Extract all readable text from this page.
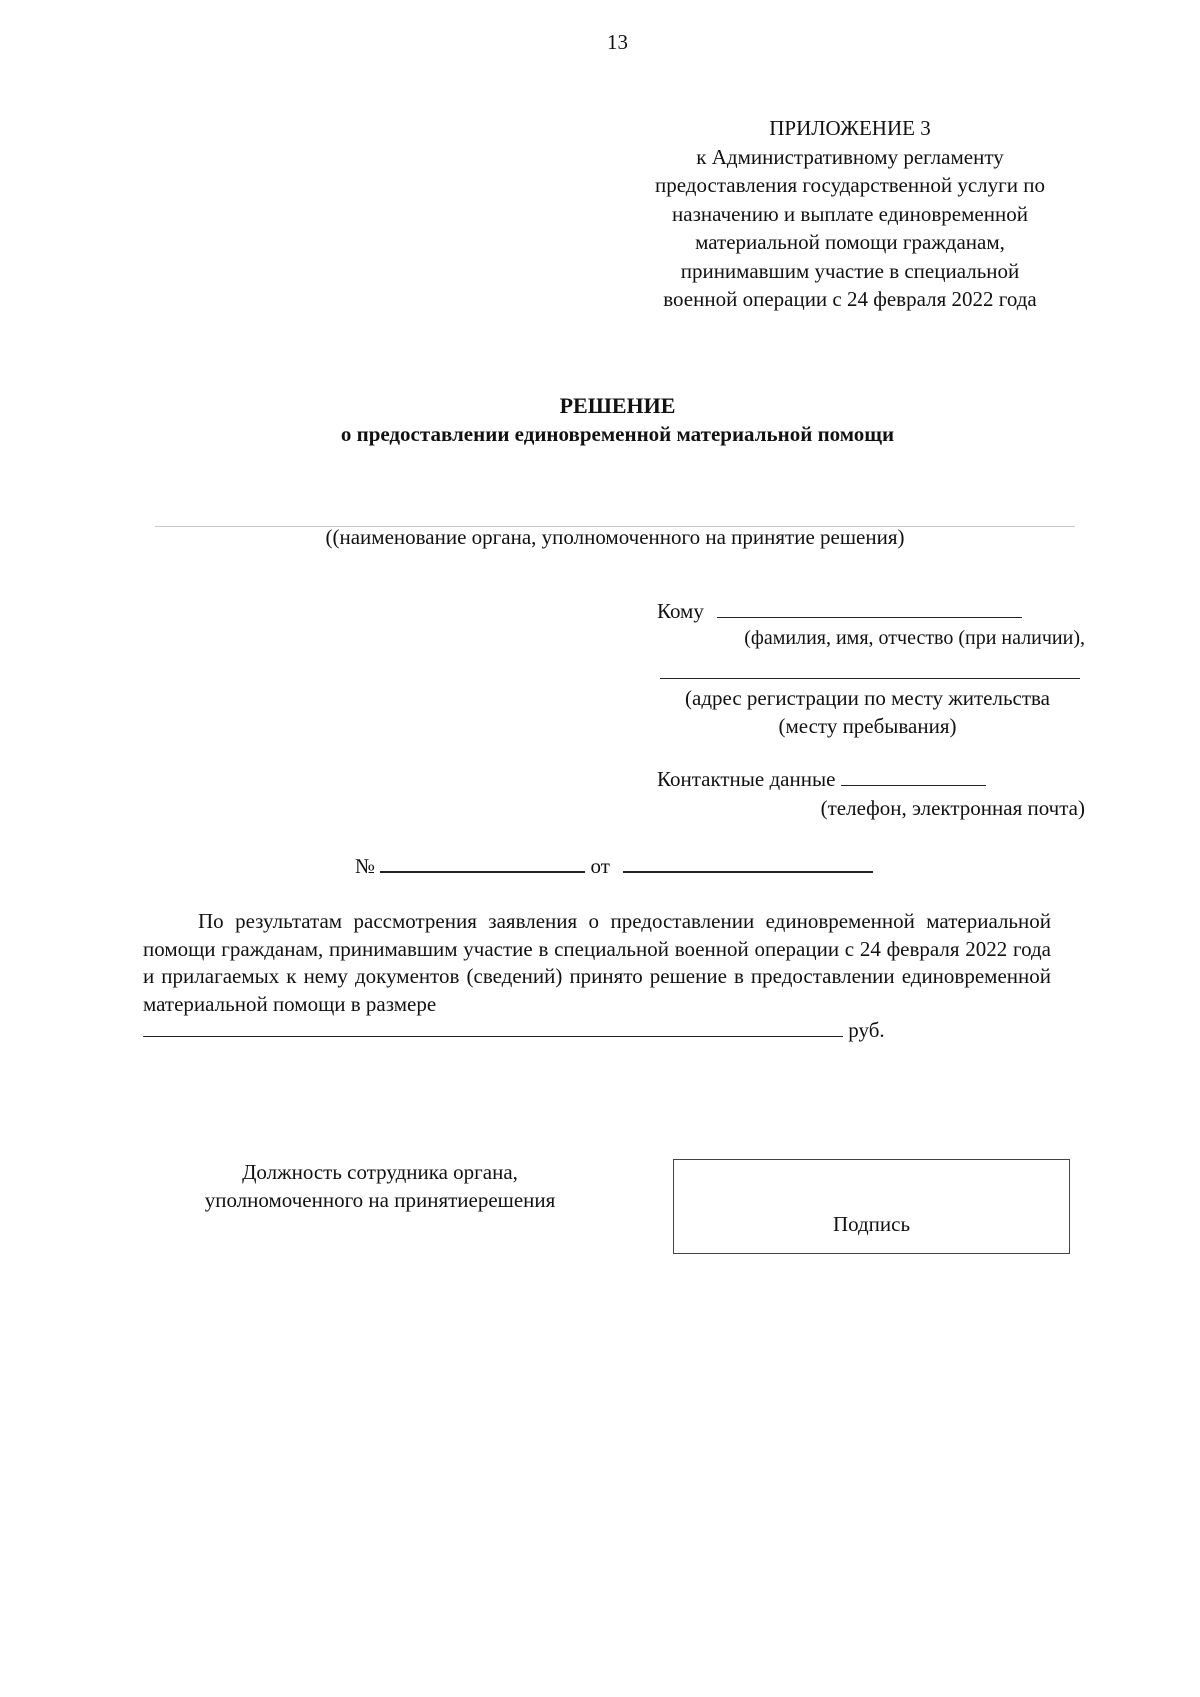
13
ПРИЛОЖЕНИЕ 3
к Административному регламенту
предоставления государственной услуги по
назначению и выплате единовременной
материальной помощи гражданам,
принимавшим участие в специальной
военной операции с 24 февраля 2022 года
РЕШЕНИЕ
о предоставлении единовременной материальной помощи
((наименование органа, уполномоченного на принятие решения)
Кому
(фамилия, имя, отчество (при наличии),
(адрес регистрации по месту жительства
(месту пребывания)
Контактные данные
(телефон, электронная почта)
№	от

По результатам рассмотрения заявления о предоставлении единовременной материальной помощи гражданам, принимавшим участие в специальной военной операции с 24 февраля 2022 года и прилагаемых к нему документов (сведений) принято решение в предоставлении единовременной материальной помощи в размере

руб.
Должность сотрудника органа,
уполномоченного на принятиерешения
Подпись
